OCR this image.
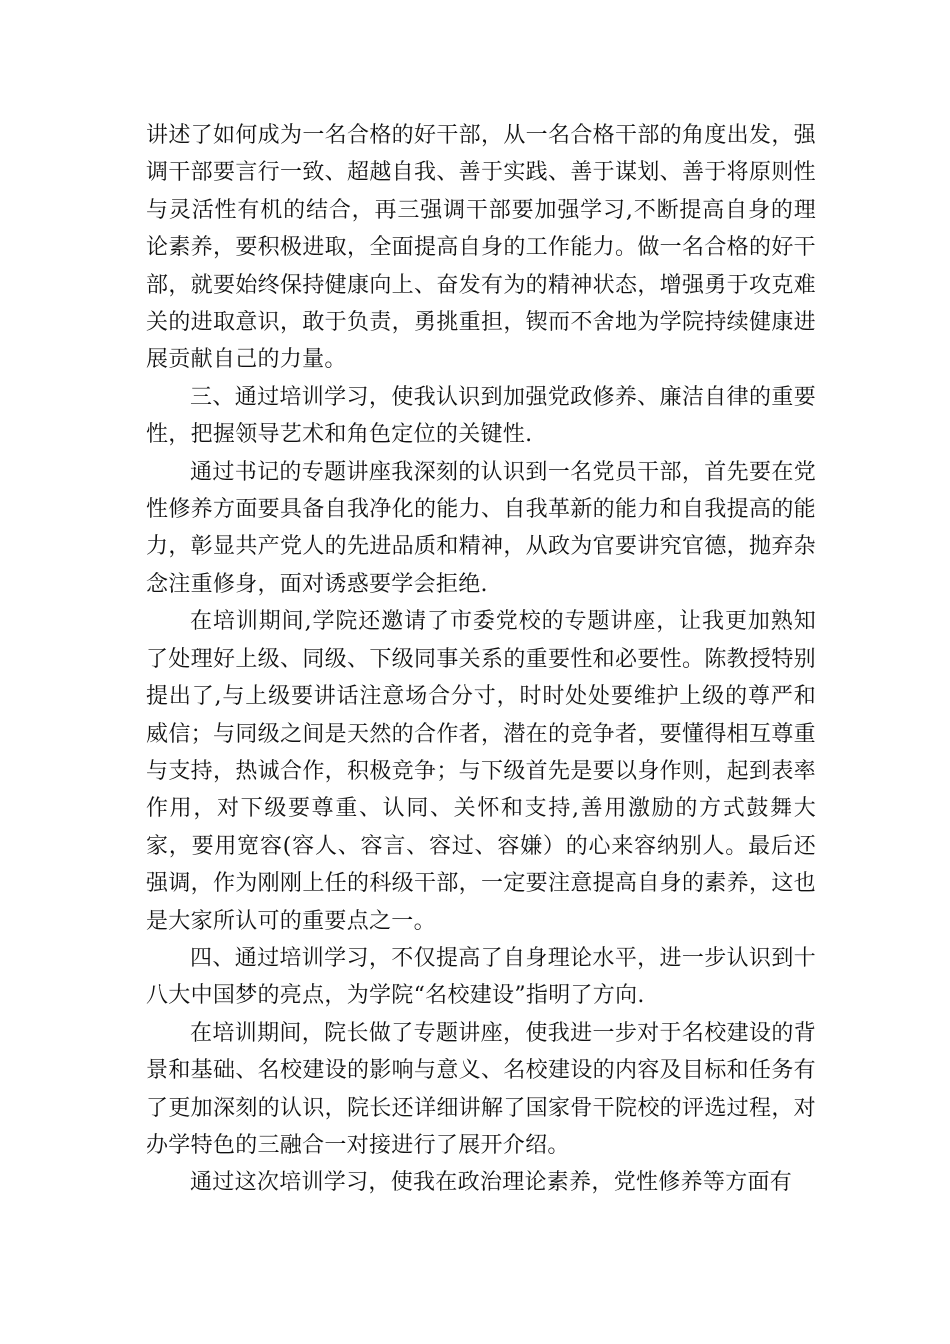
讲述了如何成为一名合格的好干部，从一名合格干部的角度出发，强调干部要言行一致、超越自我、善于实践、善于谋划、善于将原则性与灵活性有机的结合，再三强调干部要加强学习,不断提高自身的理论素养，要积极进取，全面提高自身的工作能力。做一名合格的好干部，就要始终保持健康向上、奋发有为的精神状态，增强勇于攻克难关的进取意识，敢于负责，勇挑重担，锲而不舍地为学院持续健康进展贡献自己的力量。

三、通过培训学习，使我认识到加强党政修养、廉洁自律的重要性，把握领导艺术和角色定位的关键性.

通过书记的专题讲座我深刻的认识到一名党员干部，首先要在党性修养方面要具备自我净化的能力、自我革新的能力和自我提高的能力，彰显共产党人的先进品质和精神，从政为官要讲究官德，抛弃杂念注重修身，面对诱惑要学会拒绝.

在培训期间,学院还邀请了市委党校的专题讲座，让我更加熟知了处理好上级、同级、下级同事关系的重要性和必要性。陈教授特别提出了,与上级要讲话注意场合分寸，时时处处要维护上级的尊严和威信；与同级之间是天然的合作者，潜在的竞争者，要懂得相互尊重与支持，热诚合作，积极竞争；与下级首先是要以身作则，起到表率作用，对下级要尊重、认同、关怀和支持,善用激励的方式鼓舞大家，要用宽容(容人、容言、容过、容嫌）的心来容纳别人。最后还强调，作为刚刚上任的科级干部，一定要注意提高自身的素养，这也是大家所认可的重要点之一。

四、通过培训学习，不仅提高了自身理论水平，进一步认识到十八大中国梦的亮点，为学院“名校建设”指明了方向.

在培训期间，院长做了专题讲座，使我进一步对于名校建设的背景和基础、名校建设的影响与意义、名校建设的内容及目标和任务有了更加深刻的认识，院长还详细讲解了国家骨干院校的评选过程，对办学特色的三融合一对接进行了展开介绍。

通过这次培训学习，使我在政治理论素养，党性修养等方面有
